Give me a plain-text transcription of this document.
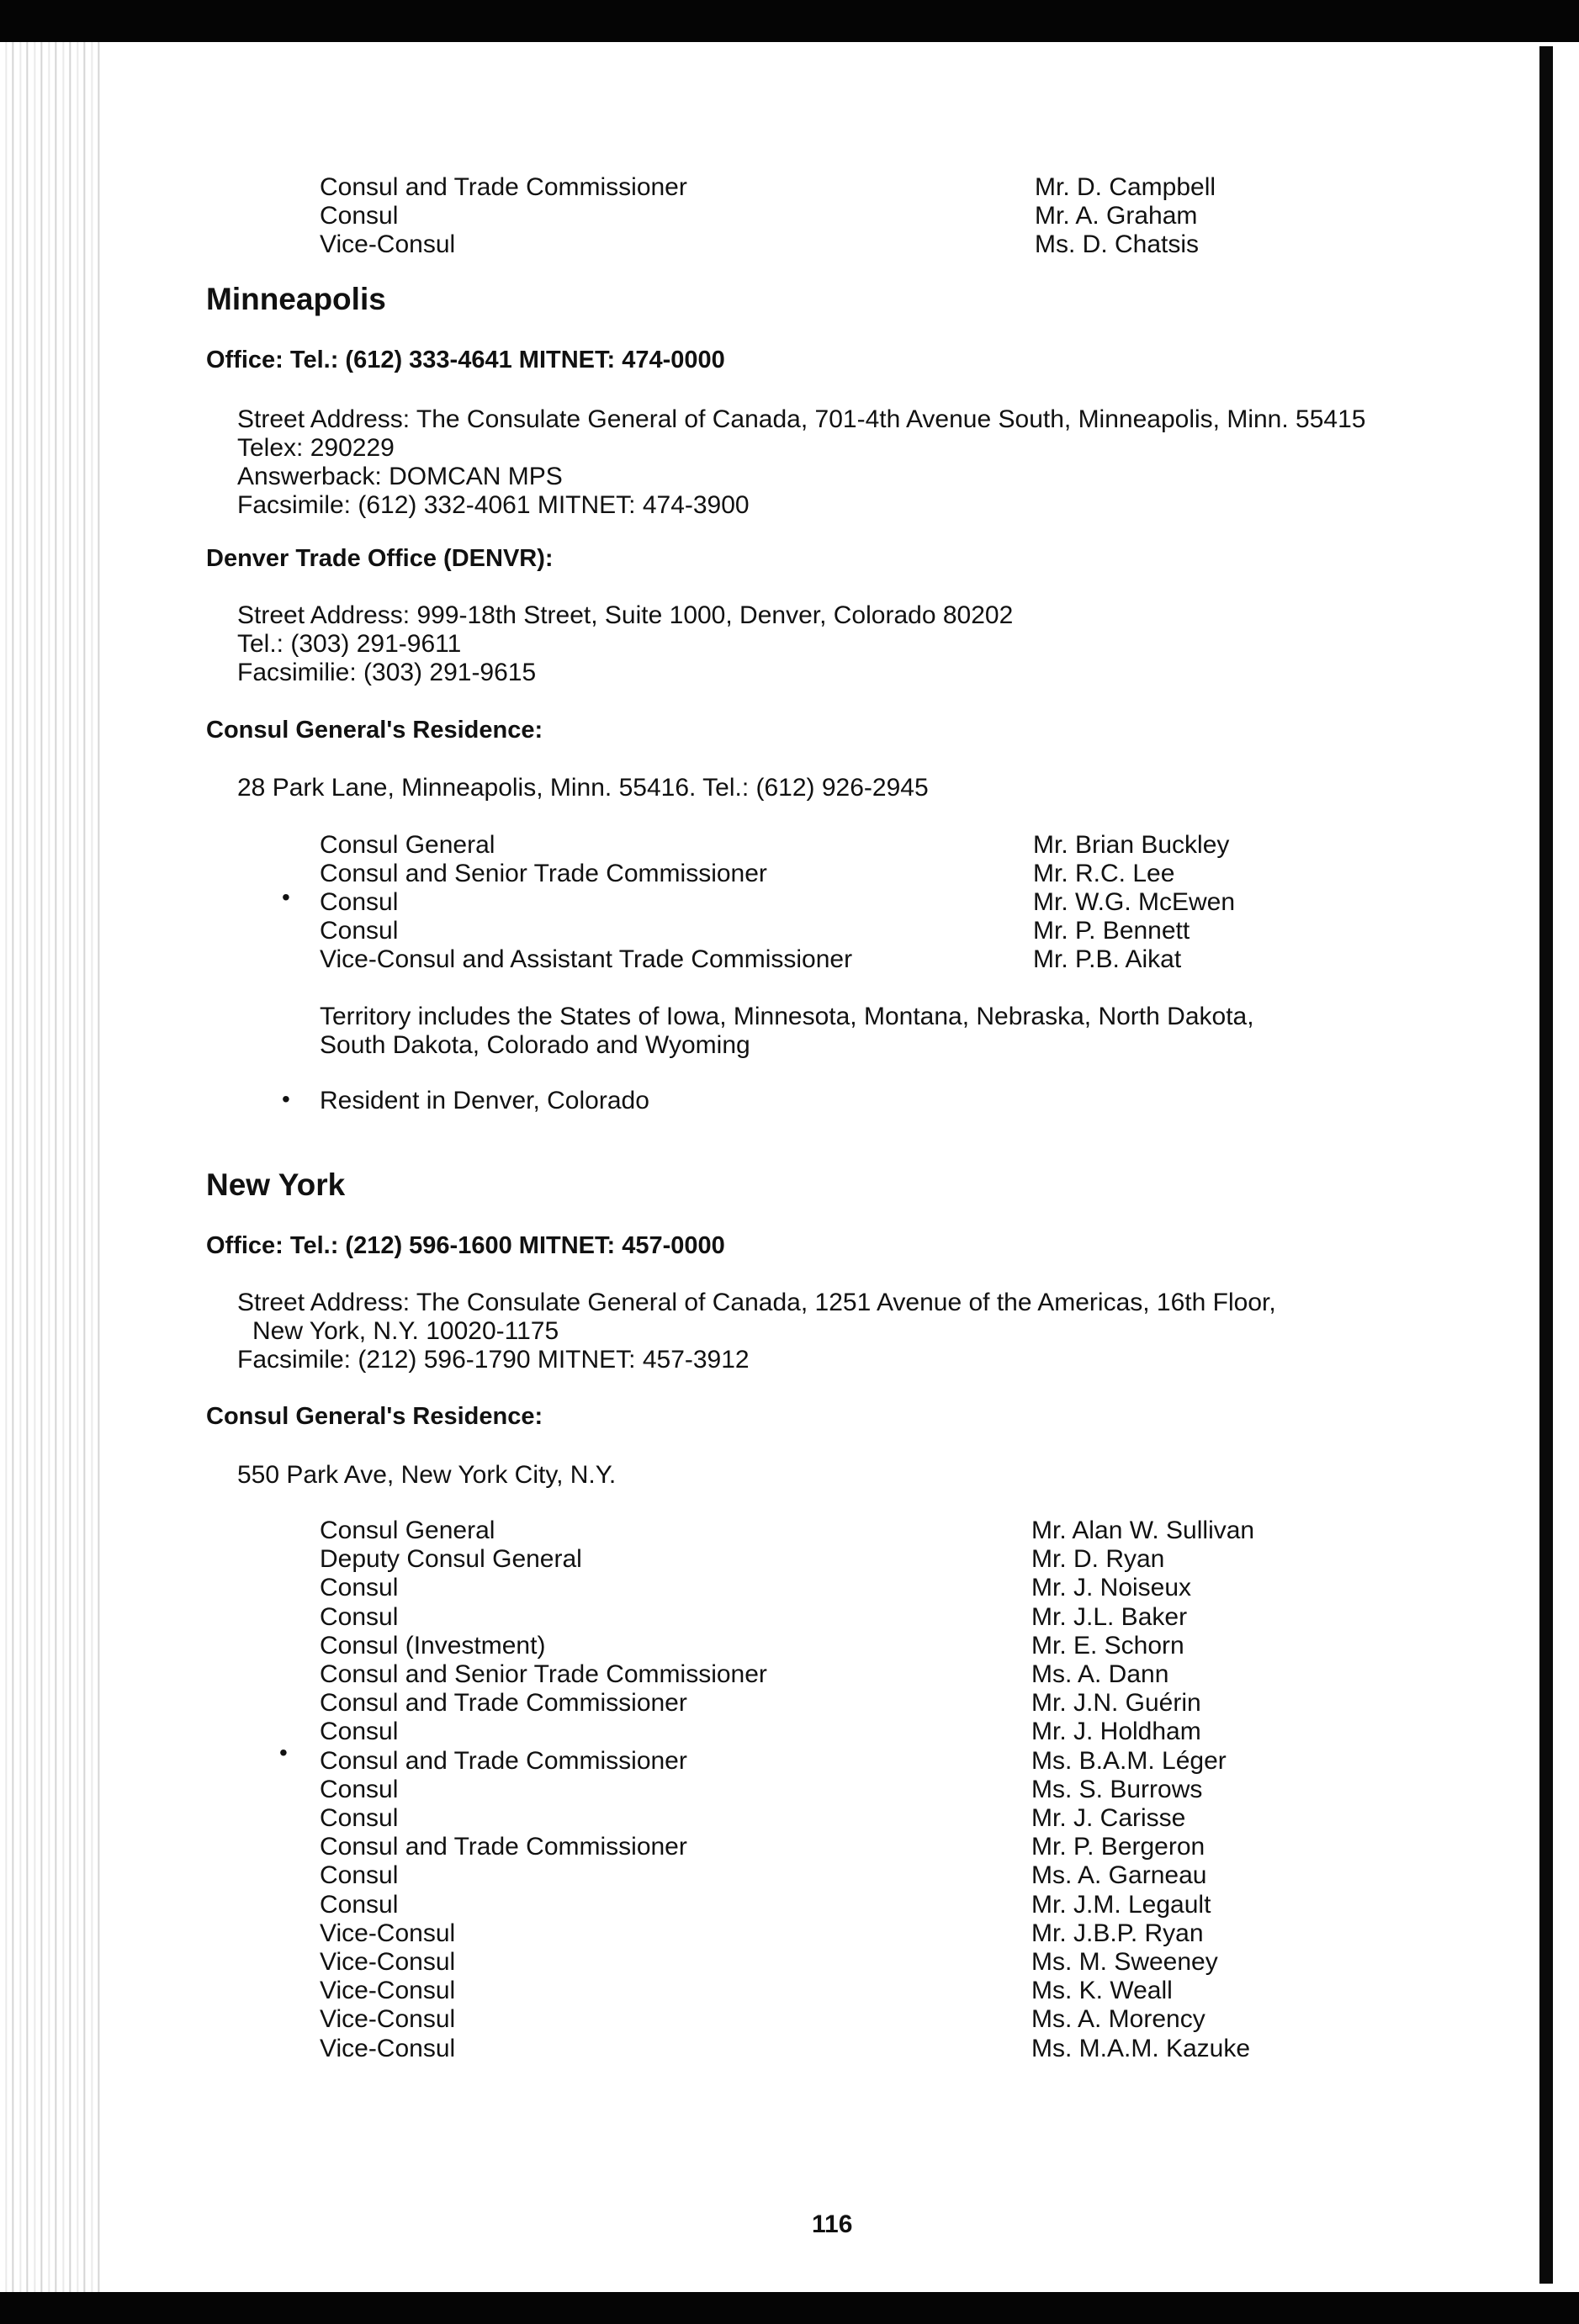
Consul and Trade Commissioner
Consul
Vice-Consul
Mr. D. Campbell
Mr. A. Graham
Ms. D. Chatsis
Minneapolis
Office: Tel.: (612) 333-4641 MITNET: 474-0000
Street Address: The Consulate General of Canada, 701-4th Avenue South, Minneapolis, Minn. 55415
Telex: 290229
Answerback: DOMCAN MPS
Facsimile: (612) 332-4061 MITNET: 474-3900
Denver Trade Office (DENVR):
Street Address: 999-18th Street, Suite 1000, Denver, Colorado 80202
Tel.: (303) 291-9611
Facsimilie: (303) 291-9615
Consul General's Residence:
28 Park Lane, Minneapolis, Minn. 55416. Tel.: (612) 926-2945
Consul General
Consul and Senior Trade Commissioner
Consul
Consul
Vice-Consul and Assistant Trade Commissioner
Mr. Brian Buckley
Mr. R.C. Lee
Mr. W.G. McEwen
Mr. P. Bennett
Mr. P.B. Aikat
•
Territory includes the States of Iowa, Minnesota, Montana, Nebraska, North Dakota,
South Dakota, Colorado and Wyoming
• Resident in Denver, Colorado
New York
Office: Tel.: (212) 596-1600 MITNET: 457-0000
Street Address: The Consulate General of Canada, 1251 Avenue of the Americas, 16th Floor,
New York, N.Y. 10020-1175
Facsimile: (212) 596-1790 MITNET: 457-3912
Consul General's Residence:
550 Park Ave, New York City, N.Y.
Consul General
Deputy Consul General
Consul
Consul
Consul (Investment)
Consul and Senior Trade Commissioner
Consul and Trade Commissioner
Consul
Consul and Trade Commissioner
Consul
Consul
Consul and Trade Commissioner
Consul
Consul
Vice-Consul
Vice-Consul
Vice-Consul
Vice-Consul
Vice-Consul
Mr. Alan W. Sullivan
Mr. D. Ryan
Mr. J. Noiseux
Mr. J.L. Baker
Mr. E. Schorn
Ms. A. Dann
Mr. J.N. Guérin
Mr. J. Holdham
Ms. B.A.M. Léger
Ms. S. Burrows
Mr. J. Carisse
Mr. P. Bergeron
Ms. A. Garneau
Mr. J.M. Legault
Mr. J.B.P. Ryan
Ms. M. Sweeney
Ms. K. Weall
Ms. A. Morency
Ms. M.A.M. Kazuke
•
116
